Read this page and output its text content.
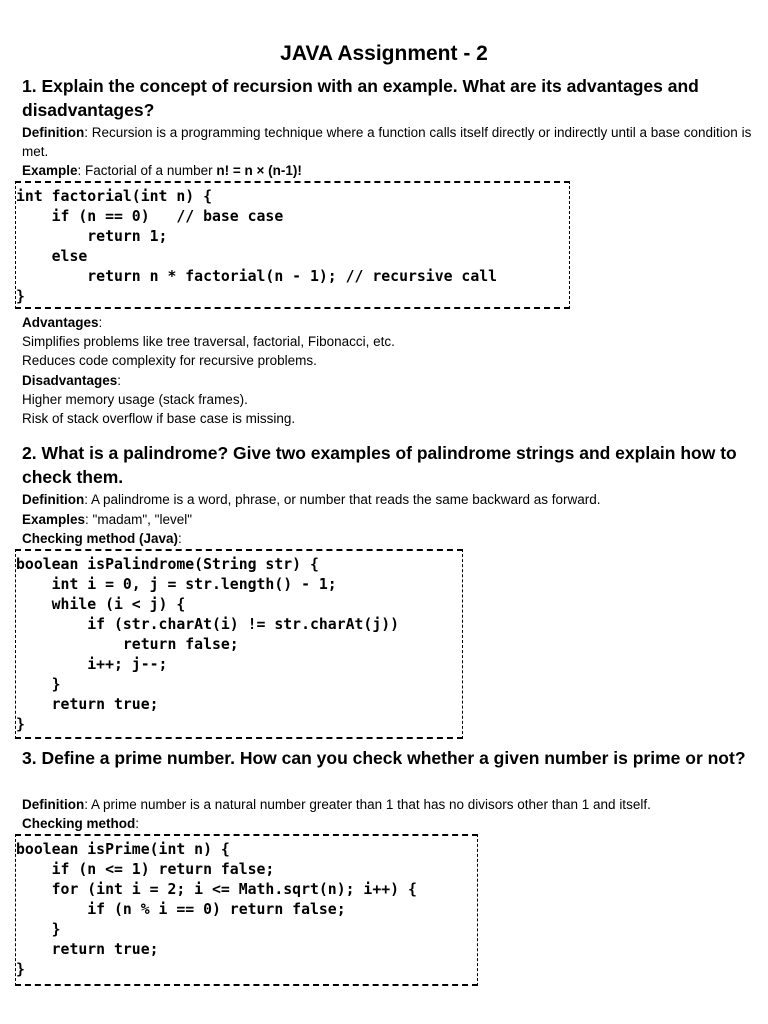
JAVA Assignment - 2
1. Explain the concept of recursion with an example. What are its advantages and disadvantages?
Definition: Recursion is a programming technique where a function calls itself directly or indirectly until a base condition is met.
Example: Factorial of a number n! = n × (n-1)!
int factorial(int n) {
if (n == 0)   // base case
return 1;
else
return n * factorial(n - 1); // recursive call
}
Advantages:
Simplifies problems like tree traversal, factorial, Fibonacci, etc.
Reduces code complexity for recursive problems.
Disadvantages:
Higher memory usage (stack frames).
Risk of stack overflow if base case is missing.
2. What is a palindrome? Give two examples of palindrome strings and explain how to check them.
Definition: A palindrome is a word, phrase, or number that reads the same backward as forward.
Examples: "madam", "level"
Checking method (Java):
boolean isPalindrome(String str) {
int i = 0, j = str.length() - 1;
while (i < j) {
if (str.charAt(i) != str.charAt(j))
return false;
i++; j--;
}
return true;
}
3. Define a prime number. How can you check whether a given number is prime or not?
Definition: A prime number is a natural number greater than 1 that has no divisors other than 1 and itself.
Checking method:
boolean isPrime(int n) {
if (n <= 1) return false;
for (int i = 2; i <= Math.sqrt(n); i++) {
if (n % i == 0) return false;
}
return true;
}
